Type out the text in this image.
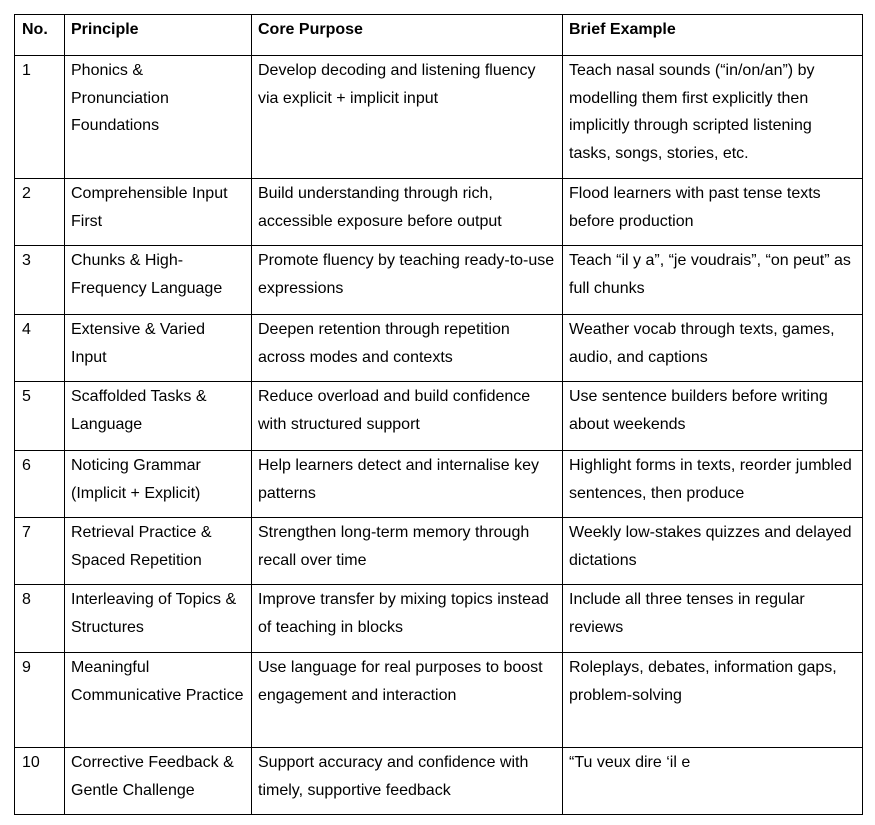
No.	Principle	Core Purpose	Brief Example
1	Phonics & Pronunciation Foundations	Develop decoding and listening fluency via explicit + implicit input	Teach nasal sounds (“in/on/an”) by modelling them first explicitly then implicitly through scripted listening tasks, songs, stories, etc.
2	Comprehensible Input First	Build understanding through rich, accessible exposure before output	Flood learners with past tense texts before production
3	Chunks & High-Frequency Language	Promote fluency by teaching ready-to-use expressions	Teach “il y a”, “je voudrais”, “on peut” as full chunks
4	Extensive & Varied Input	Deepen retention through repetition across modes and contexts	Weather vocab through texts, games, audio, and captions
5	Scaffolded Tasks & Language	Reduce overload and build confidence with structured support	Use sentence builders before writing about weekends
6	Noticing Grammar (Implicit + Explicit)	Help learners detect and internalise key patterns	Highlight forms in texts, reorder jumbled sentences, then produce
7	Retrieval Practice & Spaced Repetition	Strengthen long-term memory through recall over time	Weekly low-stakes quizzes and delayed dictations
8	Interleaving of Topics & Structures	Improve transfer by mixing topics instead of teaching in blocks	Include all three tenses in regular reviews
9	Meaningful Communicative Practice	Use language for real purposes to boost engagement and interaction	Roleplays, debates, information gaps, problem-solving
10	Corrective Feedback & Gentle Challenge	Support accuracy and confidence with timely, supportive feedback	“Tu veux dire ‘il e
